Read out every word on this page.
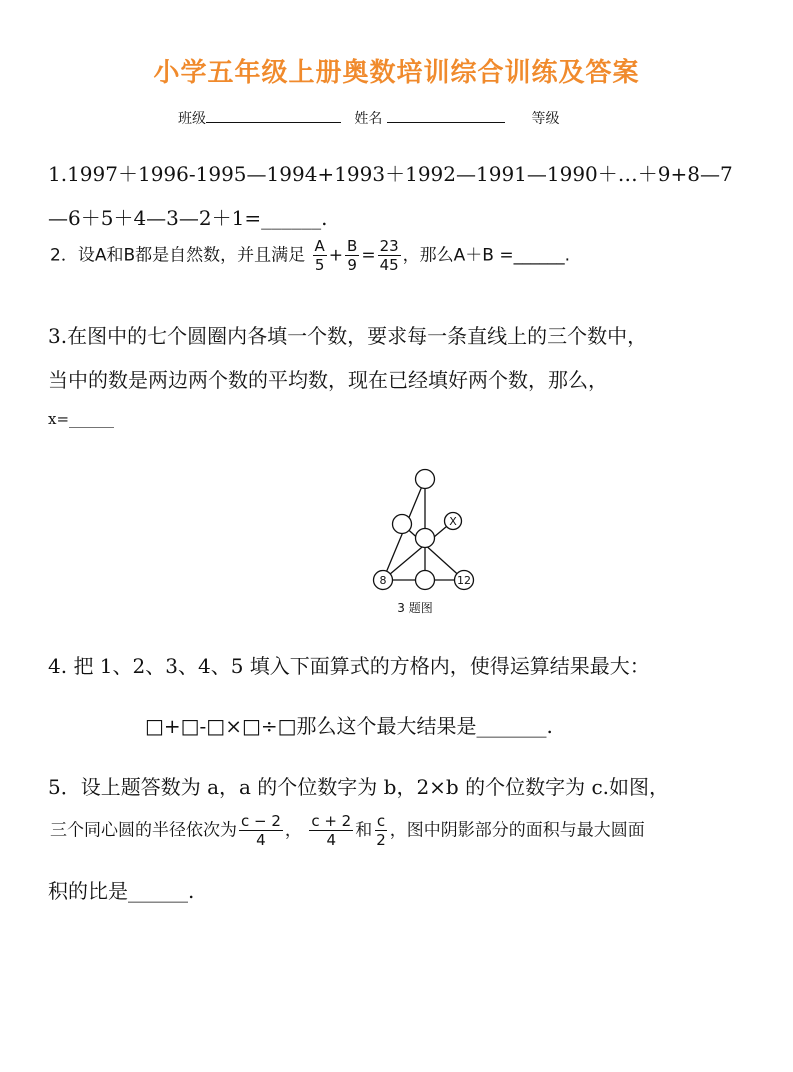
小学五年级上册奥数培训综合训练及答案
班级	姓名	等级
1.1997＋1996-1995—1994+1993＋1992—1991—1990＋…＋9+8—7
—6＋5＋4—3—2＋1=______.
2．设A和B都是自然数，并且满足 $\frac{A}{5} + \frac{B}{9} = \frac{23}{45}$ ，那么A＋B =______.
3.在图中的七个圆圈内各填一个数，要求每一条直线上的三个数中，
当中的数是两边两个数的平均数，现在已经填好两个数，那么，
x=______
X
8	12
3 题图
4. 把 1、2、3、4、5 填入下面算式的方格内，使得运算结果最大：
□+□-□×□÷□那么这个最大结果是_______.
5．设上题答数为 a，a 的个位数字为 b，2×b 的个位数字为 c.如图，
三个同心圆的半径依次为 $\frac{c - 2}{4}$ ， $\frac{c + 2}{4}$ 和 $\frac{c}{2}$ ，图中阴影部分的面积与最大圆面
积的比是______.
